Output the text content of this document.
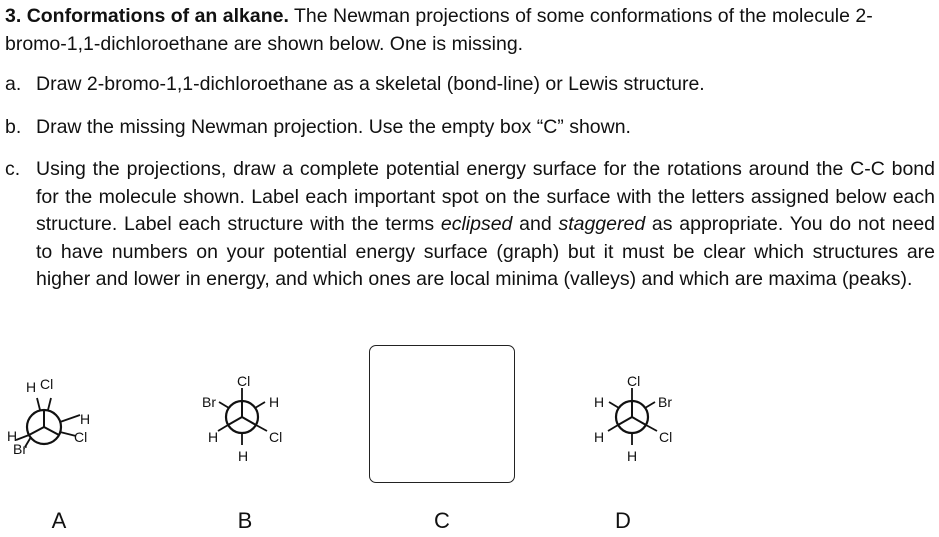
3. Conformations of an alkane. The Newman projections of some conformations of the molecule 2-bromo-1,1-dichloroethane are shown below. One is missing.

a. Draw 2-bromo-1,1-dichloroethane as a skeletal (bond-line) or Lewis structure.
b. Draw the missing Newman projection. Use the empty box “C” shown.
c. Using the projections, draw a complete potential energy surface for the rotations around the C-C bond for the molecule shown. Label each important spot on the surface with the letters assigned below each structure. Label each structure with the terms eclipsed and staggered as appropriate. You do not need to have numbers on your potential energy surface (graph) but it must be clear which structures are higher and lower in energy, and which ones are local minima (valleys) and which are maxima (peaks).
H Cl
H
Cl
H
Br
Cl
Br	H
H	Cl
H
Cl
H	Br
H	Cl
H
A	B	C	D
